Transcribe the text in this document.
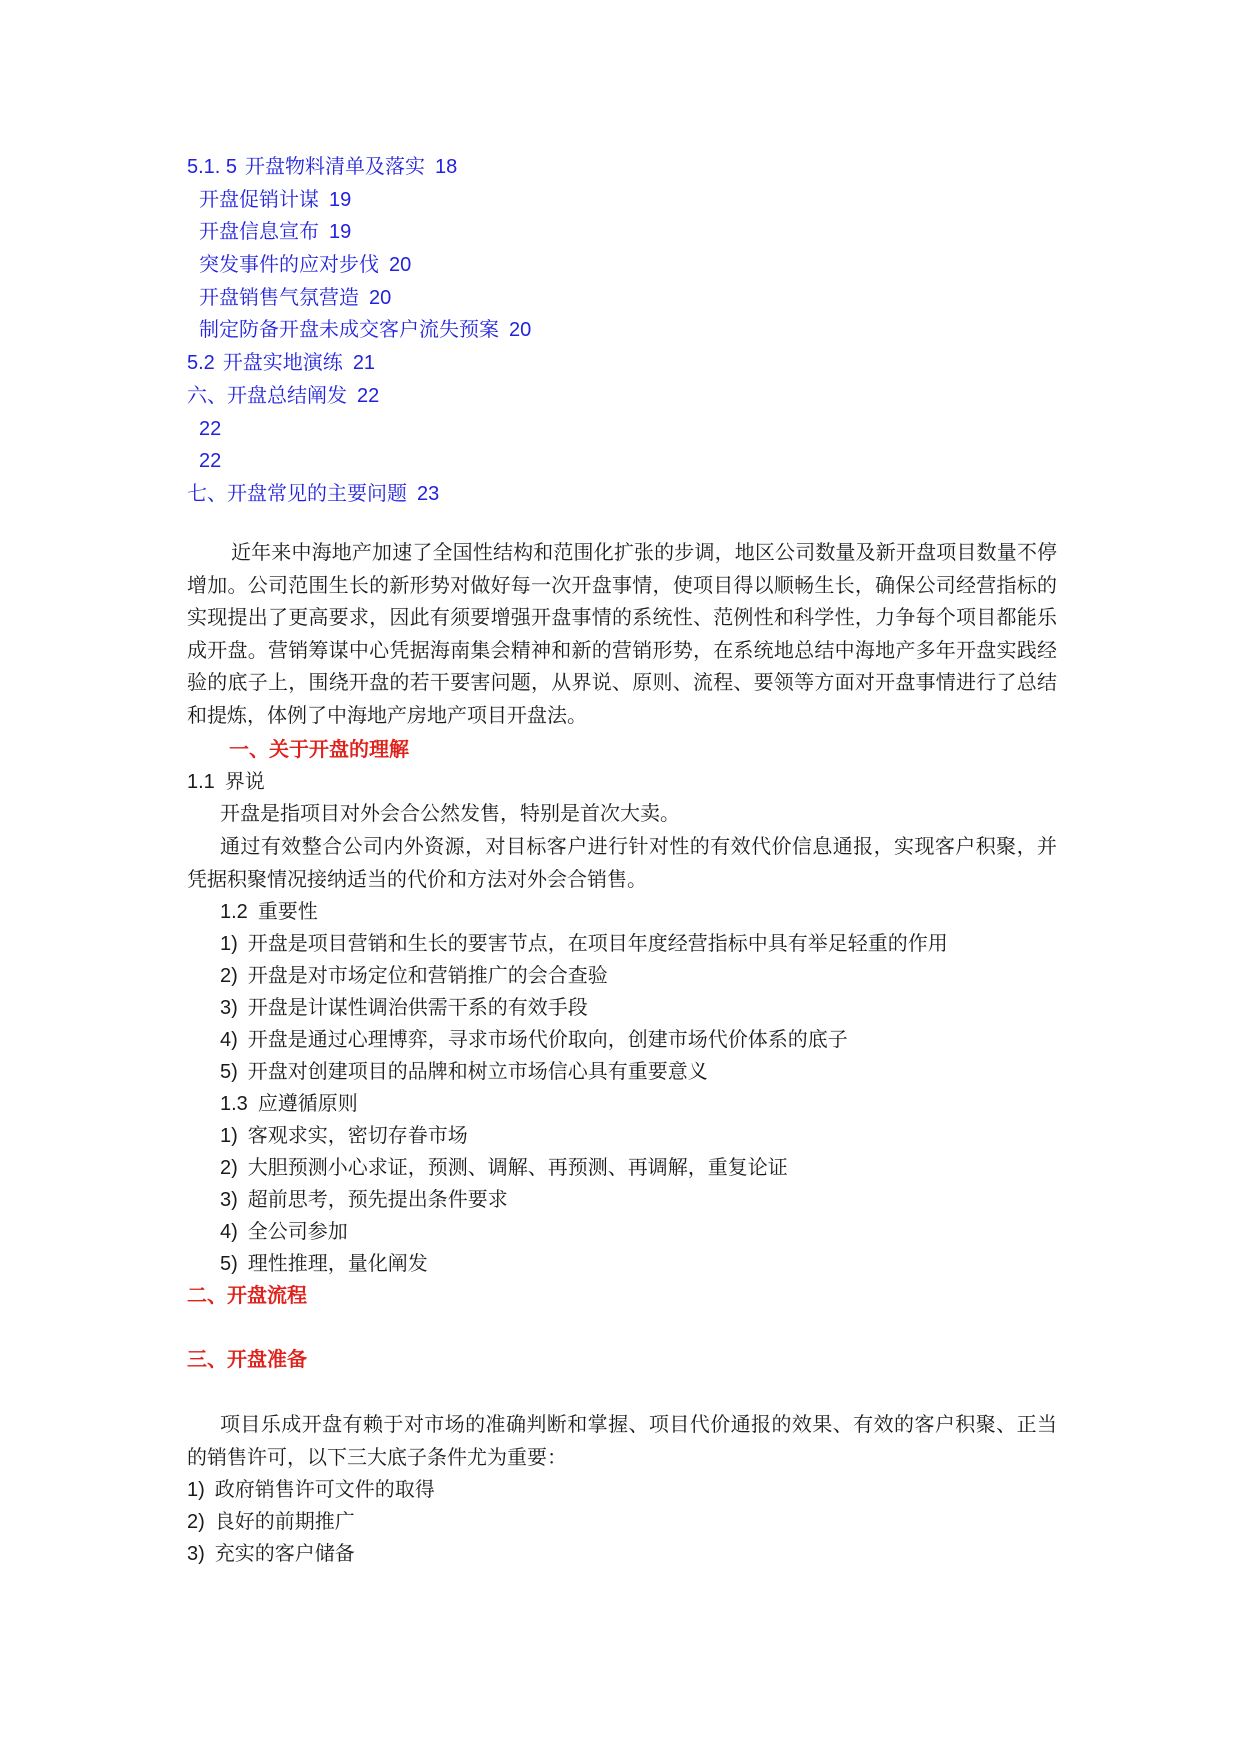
5.1. 5 开盘物料清单及落实 18
开盘促销计谋 19
开盘信息宣布 19
突发事件的应对步伐 20
开盘销售气氛营造 20
制定防备开盘未成交客户流失预案 20
5.2 开盘实地演练 21
六、开盘总结阐发 22
22
22
七、开盘常见的主要问题 23
近年来中海地产加速了全国性结构和范围化扩张的步调，地区公司数量及新开盘项目数量不停增加。公司范围生长的新形势对做好每一次开盘事情，使项目得以顺畅生长，确保公司经营指标的实现提出了更高要求，因此有须要增强开盘事情的系统性、范例性和科学性，力争每个项目都能乐成开盘。营销筹谋中心凭据海南集会精神和新的营销形势，在系统地总结中海地产多年开盘实践经验的底子上，围绕开盘的若干要害问题，从界说、原则、流程、要领等方面对开盘事情进行了总结和提炼，体例了中海地产房地产项目开盘法。
一、关于开盘的理解
1.1 界说
开盘是指项目对外会合公然发售，特别是首次大卖。
通过有效整合公司内外资源，对目标客户进行针对性的有效代价信息通报，实现客户积聚，并凭据积聚情况接纳适当的代价和方法对外会合销售。
1.2 重要性
1) 开盘是项目营销和生长的要害节点，在项目年度经营指标中具有举足轻重的作用
2) 开盘是对市场定位和营销推广的会合查验
3) 开盘是计谋性调治供需干系的有效手段
4) 开盘是通过心理博弈，寻求市场代价取向，创建市场代价体系的底子
5) 开盘对创建项目的品牌和树立市场信心具有重要意义
1.3 应遵循原则
1) 客观求实，密切存眷市场
2) 大胆预测小心求证，预测、调解、再预测、再调解，重复论证
3) 超前思考，预先提出条件要求
4) 全公司参加
5) 理性推理，量化阐发
二、开盘流程
三、开盘准备
项目乐成开盘有赖于对市场的准确判断和掌握、项目代价通报的效果、有效的客户积聚、正当的销售许可，以下三大底子条件尤为重要：
1) 政府销售许可文件的取得
2) 良好的前期推广
3) 充实的客户储备
